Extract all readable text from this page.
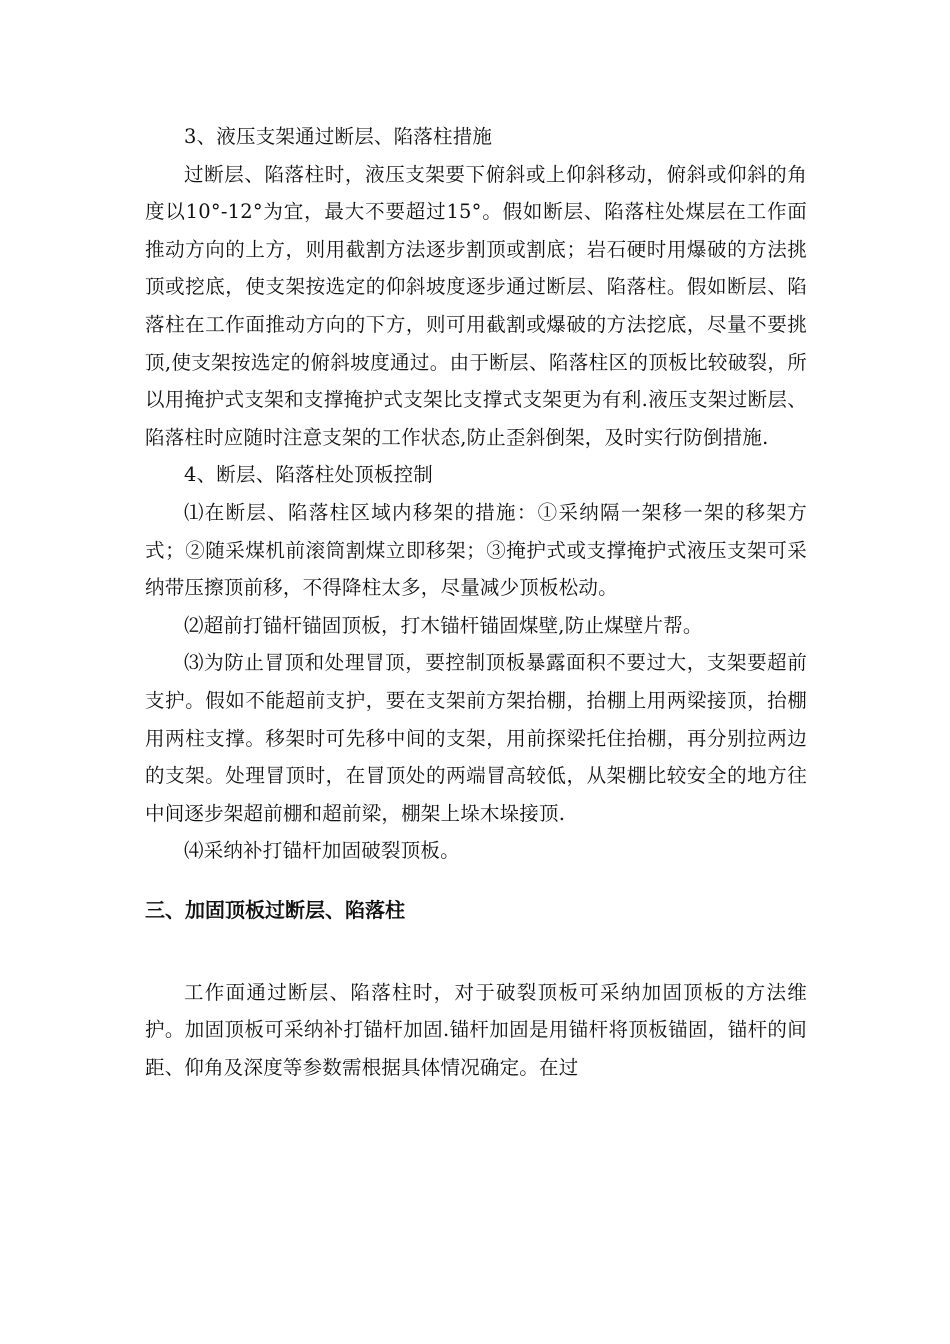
3、液压支架通过断层、陷落柱措施

过断层、陷落柱时，液压支架要下俯斜或上仰斜移动，俯斜或仰斜的角度以10°-12°为宜，最大不要超过15°。假如断层、陷落柱处煤层在工作面推动方向的上方，则用截割方法逐步割顶或割底；岩石硬时用爆破的方法挑顶或挖底，使支架按选定的仰斜坡度逐步通过断层、陷落柱。假如断层、陷落柱在工作面推动方向的下方，则可用截割或爆破的方法挖底，尽量不要挑顶,使支架按选定的俯斜坡度通过。由于断层、陷落柱区的顶板比较破裂，所以用掩护式支架和支撑掩护式支架比支撑式支架更为有利.液压支架过断层、陷落柱时应随时注意支架的工作状态,防止歪斜倒架，及时实行防倒措施.

4、断层、陷落柱处顶板控制

⑴在断层、陷落柱区域内移架的措施：①采纳隔一架移一架的移架方式；②随采煤机前滚筒割煤立即移架；③掩护式或支撑掩护式液压支架可采纳带压擦顶前移，不得降柱太多，尽量减少顶板松动。

⑵超前打锚杆锚固顶板，打木锚杆锚固煤壁,防止煤壁片帮。

⑶为防止冒顶和处理冒顶，要控制顶板暴露面积不要过大，支架要超前支护。假如不能超前支护，要在支架前方架抬棚，抬棚上用两梁接顶，抬棚用两柱支撑。移架时可先移中间的支架，用前探梁托住抬棚，再分别拉两边的支架。处理冒顶时，在冒顶处的两端冒高较低，从架棚比较安全的地方往中间逐步架超前棚和超前梁，棚架上垛木垛接顶.

⑷采纳补打锚杆加固破裂顶板。

三、加固顶板过断层、陷落柱

工作面通过断层、陷落柱时，对于破裂顶板可采纳加固顶板的方法维护。加固顶板可采纳补打锚杆加固.锚杆加固是用锚杆将顶板锚固，锚杆的间距、仰角及深度等参数需根据具体情况确定。在过
